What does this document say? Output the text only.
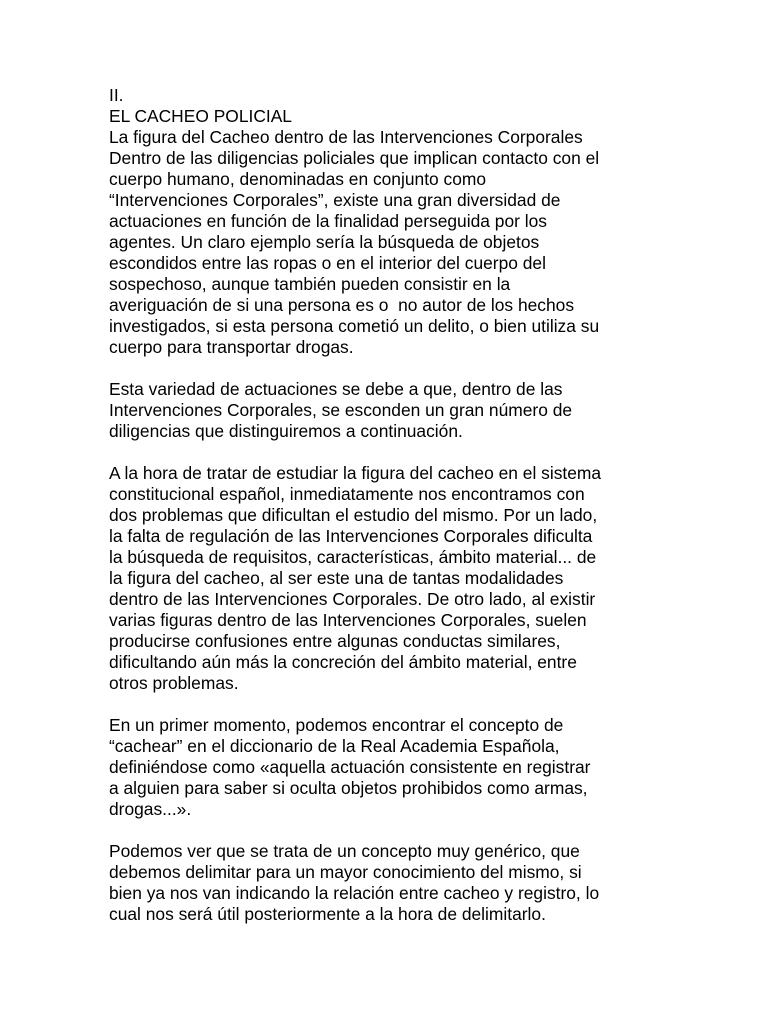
II.
EL CACHEO POLICIAL
La figura del Cacheo dentro de las Intervenciones Corporales
Dentro de las diligencias policiales que implican contacto con el
cuerpo humano, denominadas en conjunto como
“Intervenciones Corporales”, existe una gran diversidad de
actuaciones en función de la finalidad perseguida por los
agentes. Un claro ejemplo sería la búsqueda de objetos
escondidos entre las ropas o en el interior del cuerpo del
sospechoso, aunque también pueden consistir en la
averiguación de si una persona es o  no autor de los hechos
investigados, si esta persona cometió un delito, o bien utiliza su
cuerpo para transportar drogas.
Esta variedad de actuaciones se debe a que, dentro de las
Intervenciones Corporales, se esconden un gran número de
diligencias que distinguiremos a continuación.
A la hora de tratar de estudiar la figura del cacheo en el sistema
constitucional español, inmediatamente nos encontramos con
dos problemas que dificultan el estudio del mismo. Por un lado,
la falta de regulación de las Intervenciones Corporales dificulta
la búsqueda de requisitos, características, ámbito material... de
la figura del cacheo, al ser este una de tantas modalidades
dentro de las Intervenciones Corporales. De otro lado, al existir
varias figuras dentro de las Intervenciones Corporales, suelen
producirse confusiones entre algunas conductas similares,
dificultando aún más la concreción del ámbito material, entre
otros problemas.
En un primer momento, podemos encontrar el concepto de
“cachear” en el diccionario de la Real Academia Española,
definiéndose como «aquella actuación consistente en registrar
a alguien para saber si oculta objetos prohibidos como armas,
drogas...».
Podemos ver que se trata de un concepto muy genérico, que
debemos delimitar para un mayor conocimiento del mismo, si
bien ya nos van indicando la relación entre cacheo y registro, lo
cual nos será útil posteriormente a la hora de delimitarlo.
